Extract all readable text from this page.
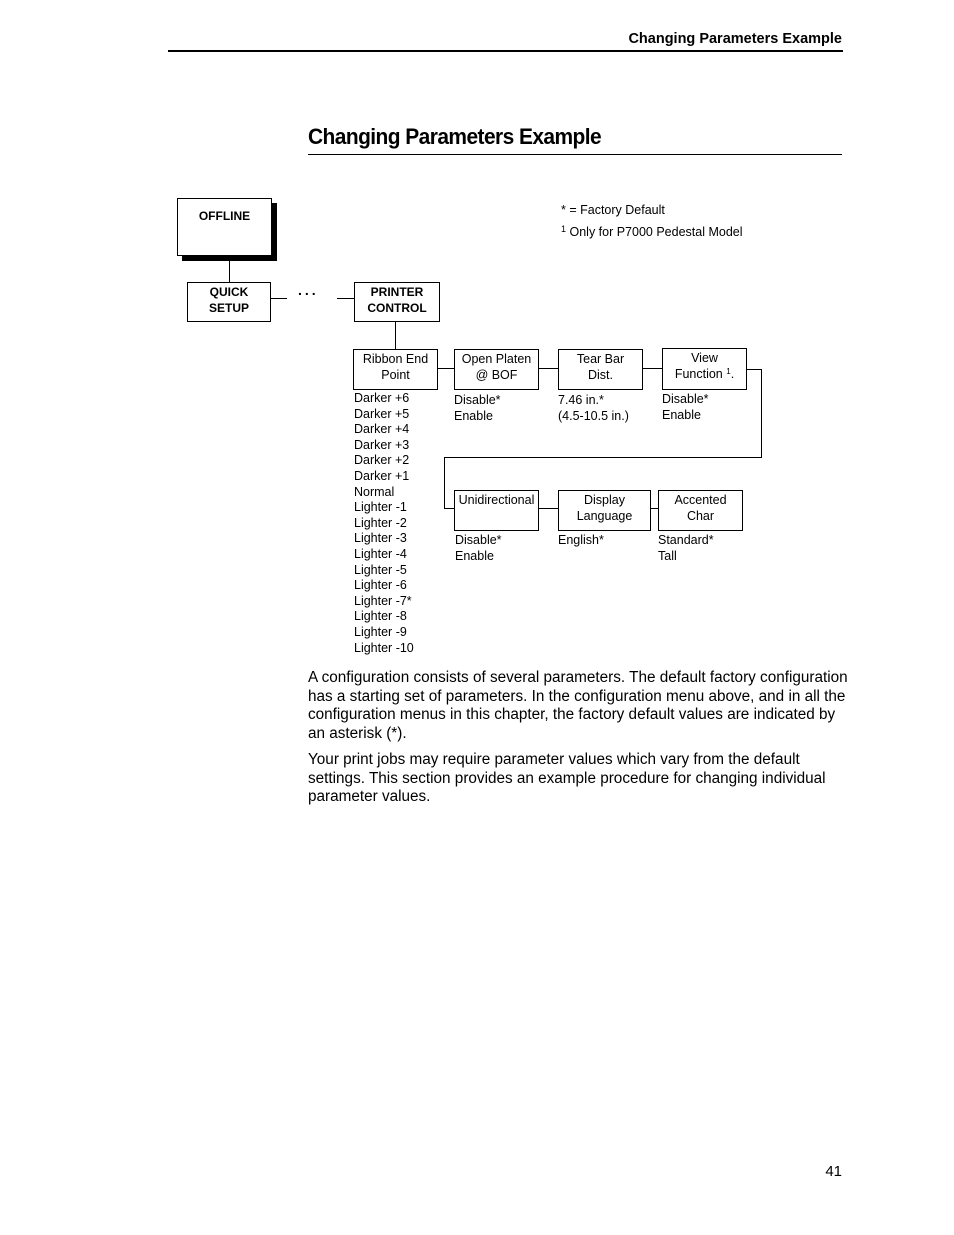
Changing Parameters Example
Changing Parameters Example
* = Factory Default
$^1$ Only for P7000 Pedestal Model
OFFLINE
QUICK
SETUP
...	PRINTER
CONTROL
Ribbon End
Point
Open Platen
@ BOF
Tear Bar
Dist.
View
Function $^1$.
Unidirectional	Display
Language
Accented
Char
Darker +6
Darker +5
Darker +4
Darker +3
Darker +2
Darker +1
Normal
Lighter -1
Lighter -2
Lighter -3
Lighter -4
Lighter -5
Lighter -6
Lighter -7*
Lighter -8
Lighter -9
Lighter -10
Disable*
Enable
7.46 in.*
(4.5-10.5 in.)
Disable*
Enable
Disable*
Enable
English*	Standard*
Tall
A configuration consists of several parameters. The default factory configuration has a starting set of parameters. In the configuration menu above, and in all the configuration menus in this chapter, the factory default values are indicated by an asterisk (*).
Your print jobs may require parameter values which vary from the default settings. This section provides an example procedure for changing individual parameter values.
41
